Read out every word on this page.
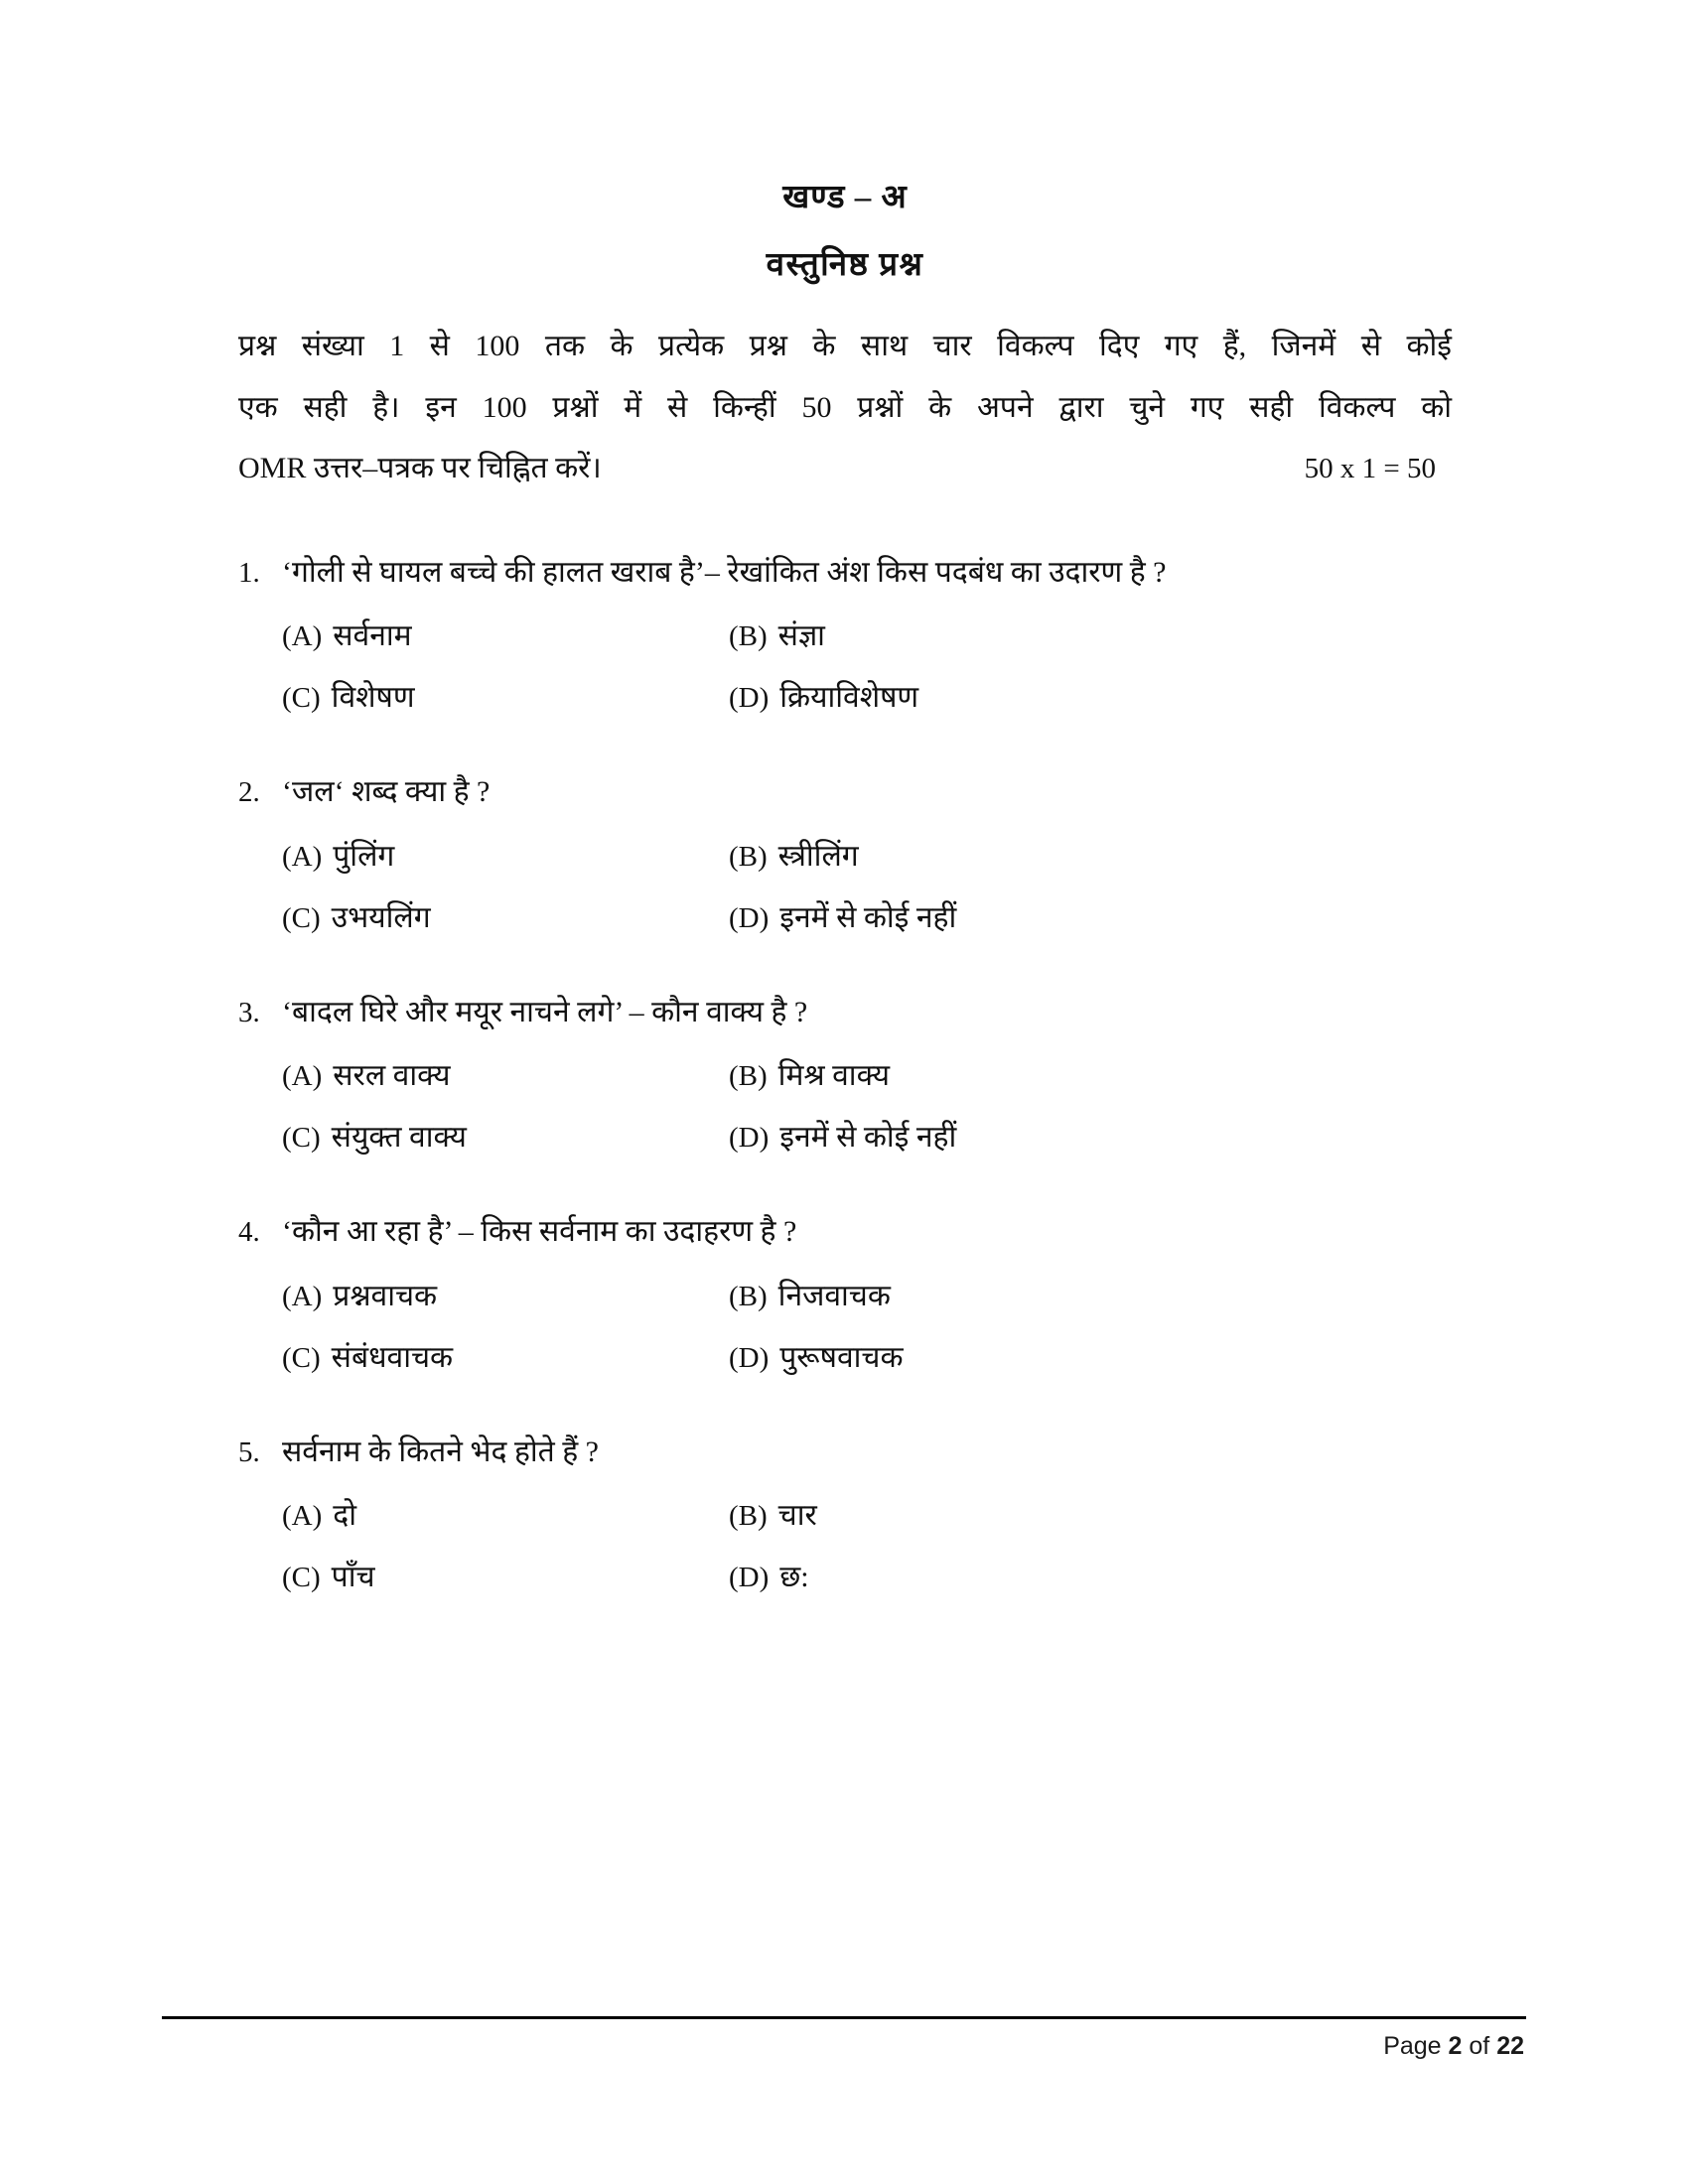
खण्ड – अ
वस्तुनिष्ठ प्रश्न
प्रश्न संख्या 1 से 100 तक के प्रत्येक प्रश्न के साथ चार विकल्प दिए गए हैं, जिनमें से कोई
एक सही है। इन 100 प्रश्नों में से किन्हीं 50 प्रश्नों के अपने द्वारा चुने गए सही विकल्प को
OMR उत्तर–पत्रक पर चिह्नित करें।	50 x 1 = 50
1. ‘गोली से घायल बच्चे की हालत खराब है’– रेखांकित अंश किस पदबंध का उदारण है ?
(A) सर्वनाम	(B) संज्ञा
(C) विशेषण	(D) क्रियाविशेषण
2. ‘जल‘ शब्द क्या है ?
(A) पुंलिंग	(B) स्त्रीलिंग
(C) उभयलिंग	(D) इनमें से कोई नहीं
3. ‘बादल घिरे और मयूर नाचने लगे’ – कौन वाक्य है ?
(A) सरल वाक्य	(B) मिश्र वाक्य
(C) संयुक्त वाक्य	(D) इनमें से कोई नहीं
4. ‘कौन आ रहा है’ – किस सर्वनाम का उदाहरण है ?
(A) प्रश्नवाचक	(B) निजवाचक
(C) संबंधवाचक	(D) पुरूषवाचक
5. सर्वनाम के कितने भेद होते हैं ?
(A) दो	(B) चार
(C) पाँच	(D) छ:
Page 2 of 22
